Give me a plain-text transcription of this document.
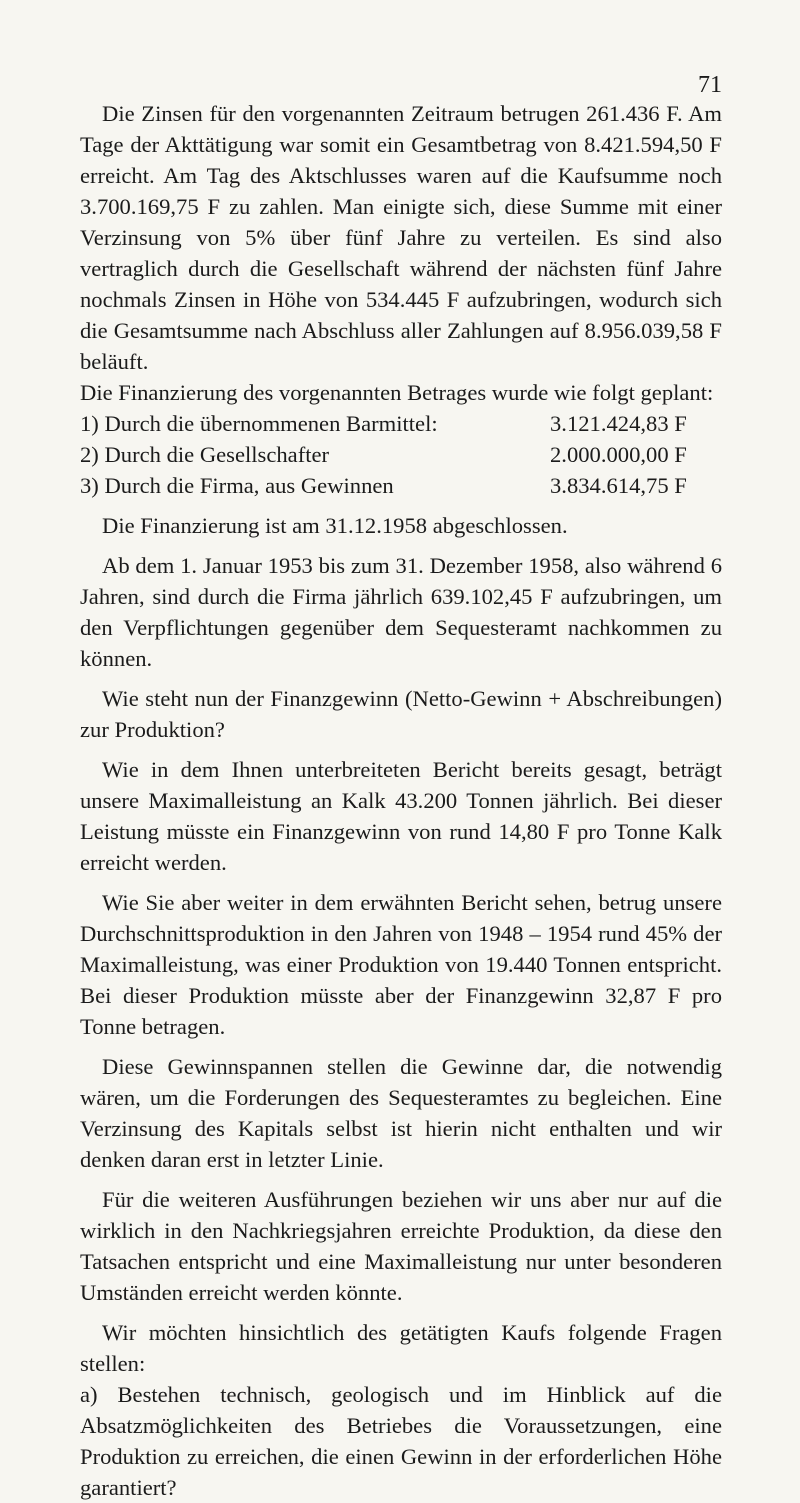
71

Die Zinsen für den vorgenannten Zeitraum betrugen 261.436 F. Am Tage der Akttätigung war somit ein Gesamtbetrag von 8.421.594,50 F erreicht. Am Tag des Aktschlusses waren auf die Kaufsumme noch 3.700.169,75 F zu zahlen. Man einigte sich, diese Summe mit einer Verzinsung von 5% über fünf Jahre zu verteilen. Es sind also vertraglich durch die Gesellschaft während der nächsten fünf Jahre nochmals Zinsen in Höhe von 534.445 F aufzubringen, wodurch sich die Gesamtsumme nach Abschluss aller Zahlungen auf 8.956.039,58 F beläuft.

Die Finanzierung des vorgenannten Betrages wurde wie folgt geplant:

1) Durch die übernommenen Barmittel:	3.121.424,83 F
2) Durch die Gesellschafter	2.000.000,00 F
3) Durch die Firma, aus Gewinnen	3.834.614,75 F

Die Finanzierung ist am 31.12.1958 abgeschlossen.

Ab dem 1. Januar 1953 bis zum 31. Dezember 1958, also während 6 Jahren, sind durch die Firma jährlich 639.102,45 F aufzubringen, um den Verpflichtungen gegenüber dem Sequesteramt nachkommen zu können.

Wie steht nun der Finanzgewinn (Netto-Gewinn + Abschreibungen) zur Produktion?

Wie in dem Ihnen unterbreiteten Bericht bereits gesagt, beträgt unsere Maximalleistung an Kalk 43.200 Tonnen jährlich. Bei dieser Leistung müsste ein Finanzgewinn von rund 14,80 F pro Tonne Kalk erreicht werden.

Wie Sie aber weiter in dem erwähnten Bericht sehen, betrug unsere Durchschnittsproduktion in den Jahren von 1948 – 1954 rund 45% der Maximalleistung, was einer Produktion von 19.440 Tonnen entspricht. Bei dieser Produktion müsste aber der Finanzgewinn 32,87 F pro Tonne betragen.

Diese Gewinnspannen stellen die Gewinne dar, die notwendig wären, um die Forderungen des Sequesteramtes zu begleichen. Eine Verzinsung des Kapitals selbst ist hierin nicht enthalten und wir denken daran erst in letzter Linie.

Für die weiteren Ausführungen beziehen wir uns aber nur auf die wirklich in den Nachkriegsjahren erreichte Produktion, da diese den Tatsachen entspricht und eine Maximalleistung nur unter besonderen Umständen erreicht werden könnte.

Wir möchten hinsichtlich des getätigten Kaufs folgende Fragen stellen:

a) Bestehen technisch, geologisch und im Hinblick auf die Absatzmöglichkeiten des Betriebes die Voraussetzungen, eine Produktion zu erreichen, die einen Gewinn in der erforderlichen Höhe garantiert?
